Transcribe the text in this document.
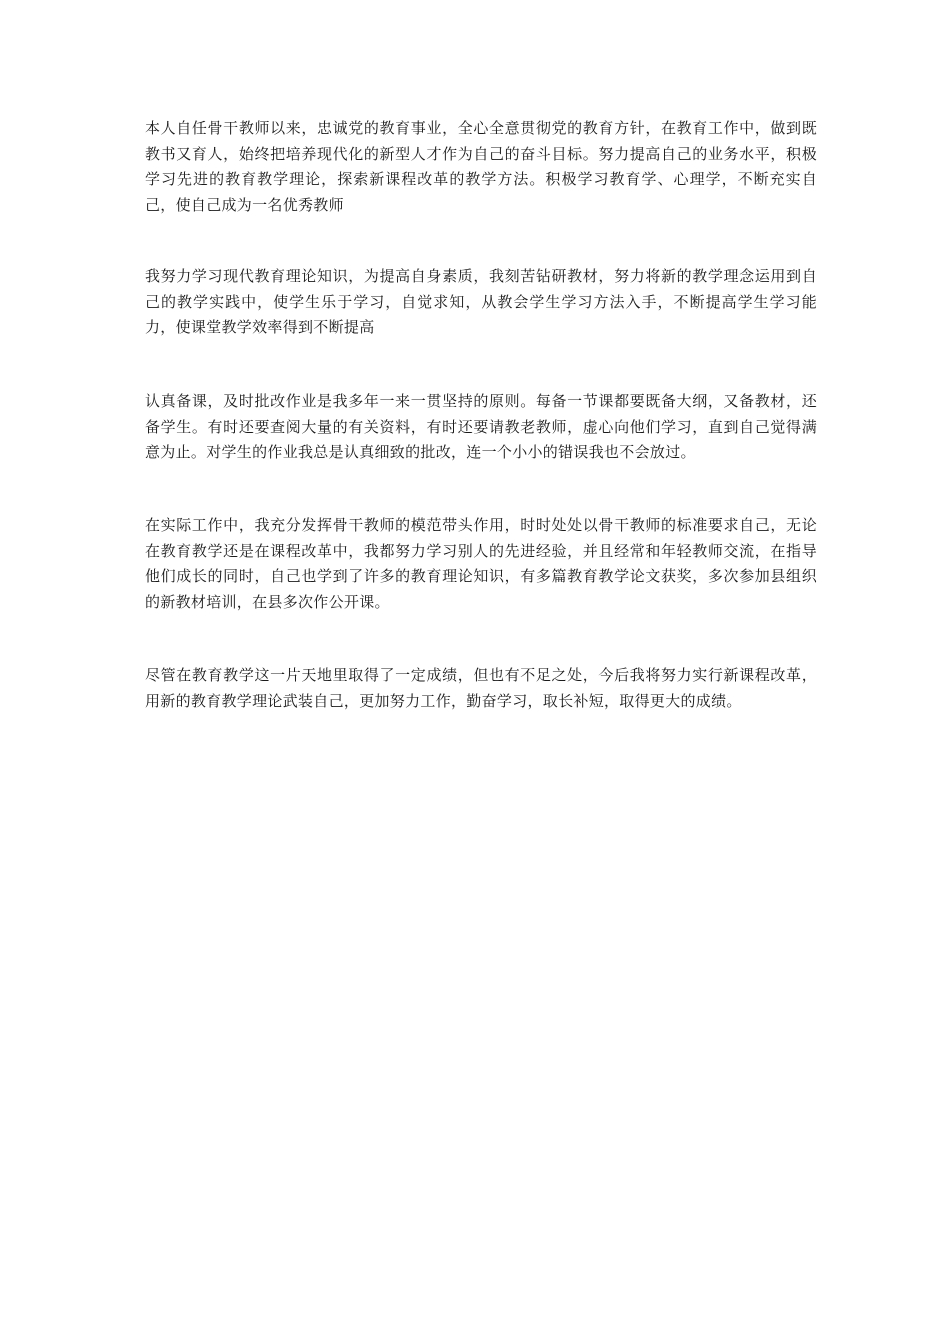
本人自任骨干教师以来，忠诚党的教育事业，全心全意贯彻党的教育方针，在教育工作中，做到既教书又育人，始终把培养现代化的新型人才作为自己的奋斗目标。努力提高自己的业务水平，积极学习先进的教育教学理论，探索新课程改革的教学方法。积极学习教育学、心理学，不断充实自己，使自己成为一名优秀教师

我努力学习现代教育理论知识，为提高自身素质，我刻苦钻研教材，努力将新的教学理念运用到自己的教学实践中，使学生乐于学习，自觉求知，从教会学生学习方法入手，不断提高学生学习能力，使课堂教学效率得到不断提高

认真备课，及时批改作业是我多年一来一贯坚持的原则。每备一节课都要既备大纲，又备教材，还备学生。有时还要查阅大量的有关资料，有时还要请教老教师，虚心向他们学习，直到自己觉得满意为止。对学生的作业我总是认真细致的批改，连一个小小的错误我也不会放过。

在实际工作中，我充分发挥骨干教师的模范带头作用，时时处处以骨干教师的标准要求自己，无论在教育教学还是在课程改革中，我都努力学习别人的先进经验，并且经常和年轻教师交流，在指导他们成长的同时，自己也学到了许多的教育理论知识，有多篇教育教学论文获奖，多次参加县组织的新教材培训，在县多次作公开课。

尽管在教育教学这一片天地里取得了一定成绩，但也有不足之处，今后我将努力实行新课程改革，用新的教育教学理论武装自己，更加努力工作，勤奋学习，取长补短，取得更大的成绩。
